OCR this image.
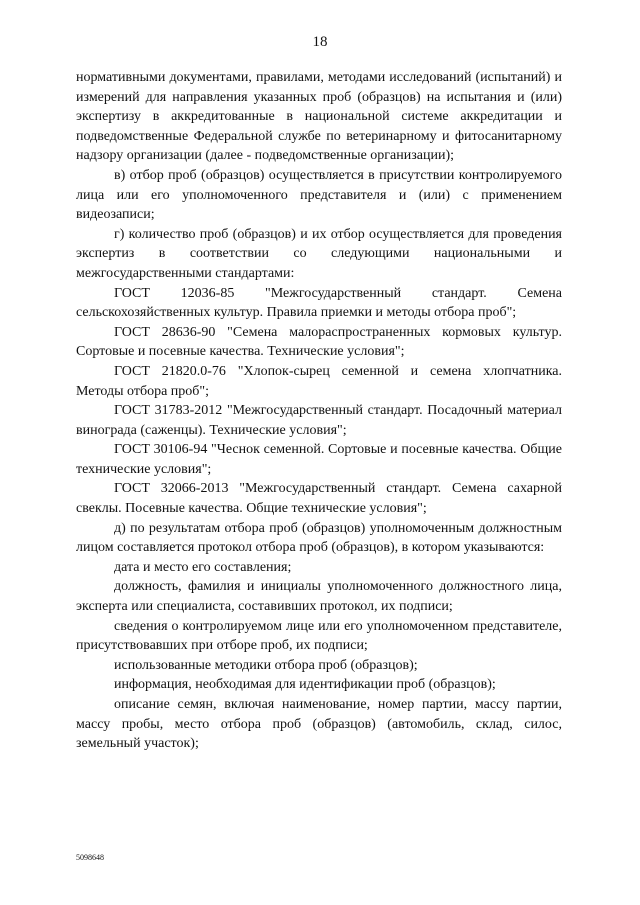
18

нормативными документами, правилами, методами исследований (испытаний) и измерений для направления указанных проб (образцов) на испытания и (или) экспертизу в аккредитованные в национальной системе аккредитации и подведомственные Федеральной службе по ветеринарному и фитосанитарному надзору организации (далее - подведомственные организации);

в) отбор проб (образцов) осуществляется в присутствии контролируемого лица или его уполномоченного представителя и (или) с применением видеозаписи;

г) количество проб (образцов) и их отбор осуществляется для проведения экспертиз в соответствии со следующими национальными и межгосударственными стандартами:

ГОСТ 12036-85 "Межгосударственный стандарт. Семена сельскохозяйственных культур. Правила приемки и методы отбора проб";

ГОСТ 28636-90 "Семена малораспространенных кормовых культур. Сортовые и посевные качества. Технические условия";

ГОСТ 21820.0-76 "Хлопок-сырец семенной и семена хлопчатника. Методы отбора проб";

ГОСТ 31783-2012 "Межгосударственный стандарт. Посадочный материал винограда (саженцы). Технические условия";

ГОСТ 30106-94 "Чеснок семенной. Сортовые и посевные качества. Общие технические условия";

ГОСТ 32066-2013 "Межгосударственный стандарт. Семена сахарной свеклы. Посевные качества. Общие технические условия";

д) по результатам отбора проб (образцов) уполномоченным должностным лицом составляется протокол отбора проб (образцов), в котором указываются:

дата и место его составления;

должность, фамилия и инициалы уполномоченного должностного лица, эксперта или специалиста, составивших протокол, их подписи;

сведения о контролируемом лице или его уполномоченном представителе, присутствовавших при отборе проб, их подписи;

использованные методики отбора проб (образцов);

информация, необходимая для идентификации проб (образцов);

описание семян, включая наименование, номер партии, массу партии, массу пробы, место отбора проб (образцов) (автомобиль, склад, силос, земельный участок);

5098648
